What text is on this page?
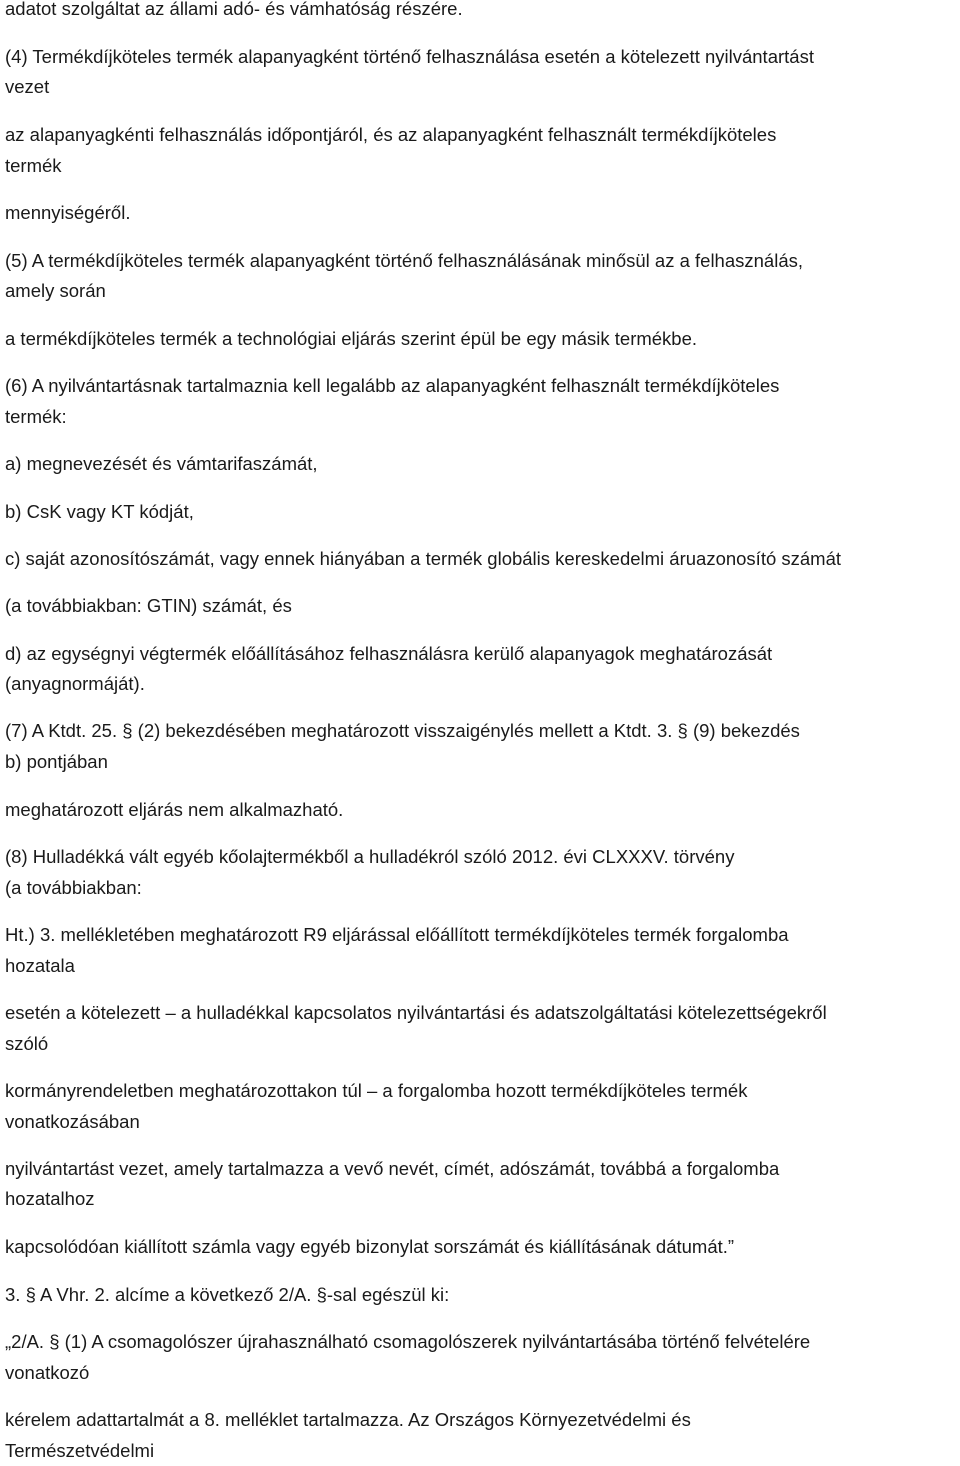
adatot szolgáltat az állami adó- és vámhatóság részére.

(4) Termékdíjköteles termék alapanyagként történő felhasználása esetén a kötelezett nyilvántartást

vezet

az alapanyagkénti felhasználás időpontjáról, és az alapanyagként felhasznált termékdíjköteles

termék

mennyiségéről.

(5) A termékdíjköteles termék alapanyagként történő felhasználásának minősül az a felhasználás,

amely során

a termékdíjköteles termék a technológiai eljárás szerint épül be egy másik termékbe.

(6) A nyilvántartásnak tartalmaznia kell legalább az alapanyagként felhasznált termékdíjköteles

termék:

a) megnevezését és vámtarifaszámát,

b) CsK vagy KT kódját,

c) saját azonosítószámát, vagy ennek hiányában a termék globális kereskedelmi áruazonosító számát

(a továbbiakban: GTIN) számát, és

d) az egységnyi végtermék előállításához felhasználásra kerülő alapanyagok meghatározását

(anyagnormáját).

(7) A Ktdt. 25. § (2) bekezdésében meghatározott visszaigénylés mellett a Ktdt. 3. § (9) bekezdés

b) pontjában

meghatározott eljárás nem alkalmazható.

(8) Hulladékká vált egyéb kőolajtermékből a hulladékról szóló 2012. évi CLXXXV. törvény

(a továbbiakban:

Ht.) 3. mellékletében meghatározott R9 eljárással előállított termékdíjköteles termék forgalomba

hozatala

esetén a kötelezett – a hulladékkal kapcsolatos nyilvántartási és adatszolgáltatási kötelezettségekről

szóló

kormányrendeletben meghatározottakon túl – a forgalomba hozott termékdíjköteles termék

vonatkozásában

nyilvántartást vezet, amely tartalmazza a vevő nevét, címét, adószámát, továbbá a forgalomba

hozatalhoz

kapcsolódóan kiállított számla vagy egyéb bizonylat sorszámát és kiállításának dátumát.”

3. § A Vhr. 2. alcíme a következő 2/A. §-sal egészül ki:

„2/A. § (1) A csomagolószer újrahasználható csomagolószerek nyilvántartásába történő felvételére

vonatkozó

kérelem adattartalmát a 8. melléklet tartalmazza. Az Országos Környezetvédelmi és

Természetvédelmi
